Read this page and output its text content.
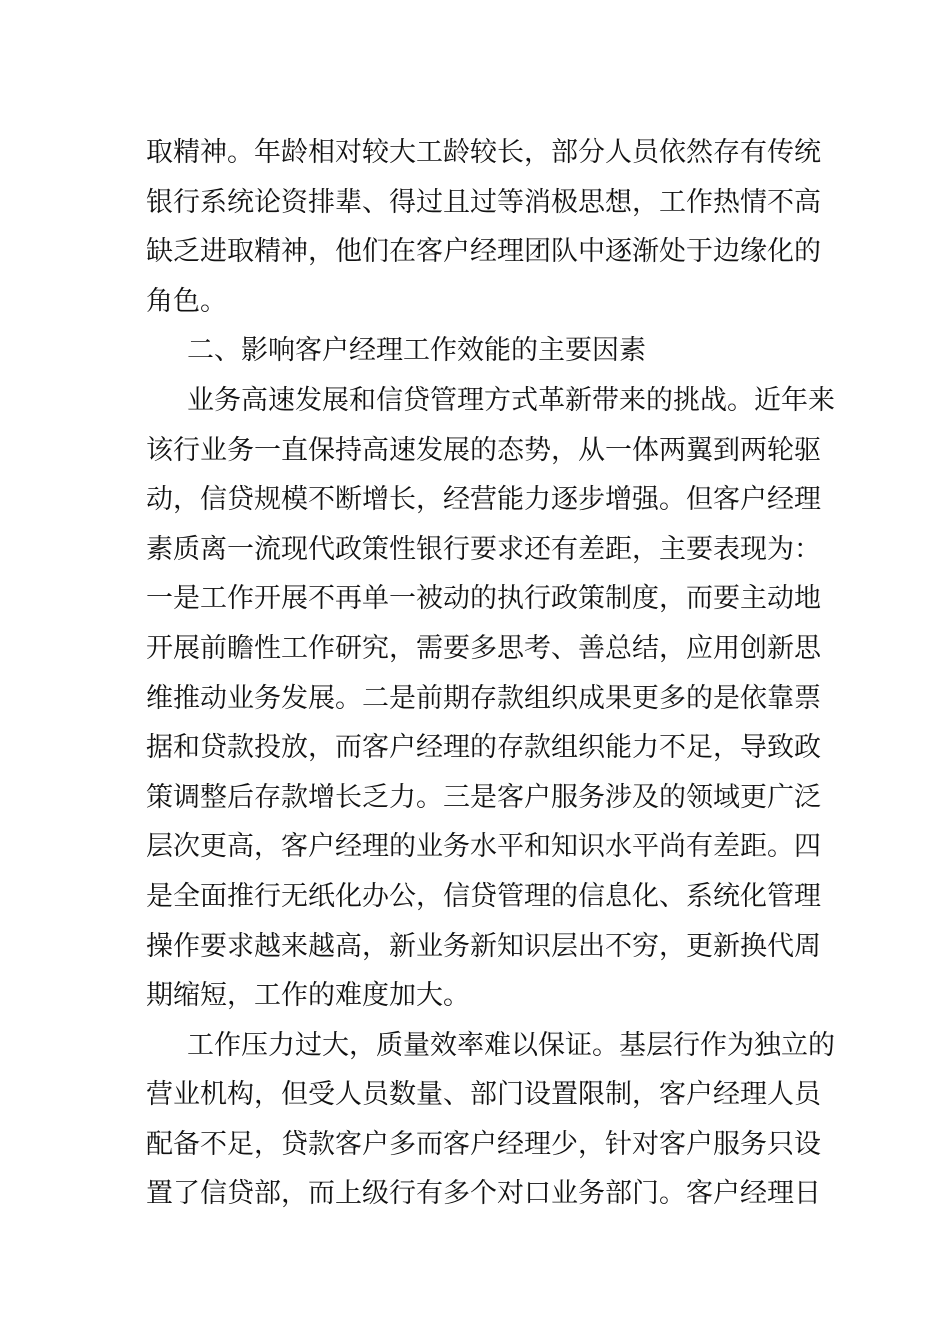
取精神。年龄相对较大工龄较长，部分人员依然存有传统
银行系统论资排辈、得过且过等消极思想，工作热情不高
缺乏进取精神，他们在客户经理团队中逐渐处于边缘化的
角色。
二、影响客户经理工作效能的主要因素
业务高速发展和信贷管理方式革新带来的挑战。近年来
该行业务一直保持高速发展的态势，从一体两翼到两轮驱
动，信贷规模不断增长，经营能力逐步增强。但客户经理
素质离一流现代政策性银行要求还有差距，主要表现为：
一是工作开展不再单一被动的执行政策制度，而要主动地
开展前瞻性工作研究，需要多思考、善总结，应用创新思
维推动业务发展。二是前期存款组织成果更多的是依靠票
据和贷款投放，而客户经理的存款组织能力不足，导致政
策调整后存款增长乏力。三是客户服务涉及的领域更广泛
层次更高，客户经理的业务水平和知识水平尚有差距。四
是全面推行无纸化办公，信贷管理的信息化、系统化管理
操作要求越来越高，新业务新知识层出不穷，更新换代周
期缩短，工作的难度加大。
工作压力过大，质量效率难以保证。基层行作为独立的
营业机构，但受人员数量、部门设置限制，客户经理人员
配备不足，贷款客户多而客户经理少，针对客户服务只设
置了信贷部，而上级行有多个对口业务部门。客户经理日
